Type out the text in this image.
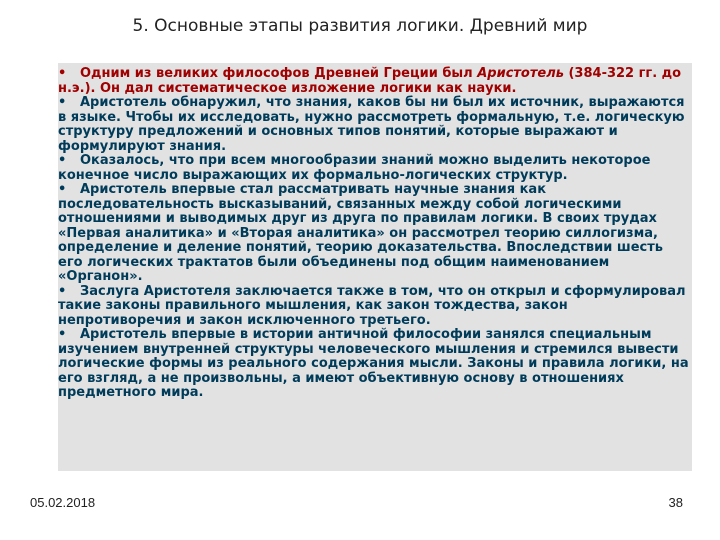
5. Основные этапы развития логики. Древний мир

• Одним из великих философов Древней Греции был Аристотель (384-322 гг. до н.э.). Он дал систематическое изложение логики как науки.

• Аристотель обнаружил, что знания, каков бы ни был их источник, выражаются в языке. Чтобы их исследовать, нужно рассмотреть формальную, т.е. логическую структуру предложений и основных типов понятий, которые выражают и формулируют знания.

• Оказалось, что при всем многообразии знаний можно выделить некоторое конечное число выражающих их формально-логических структур.

• Аристотель впервые стал рассматривать научные знания как последовательность высказываний, связанных между собой логическими отношениями и выводимых друг из друга по правилам логики. В своих трудах «Первая аналитика» и «Вторая аналитика» он рассмотрел теорию силлогизма, определение и деление понятий, теорию доказательства. Впоследствии шесть его логических трактатов были объединены под общим наименованием «Органон».

• Заслуга Аристотеля заключается также в том, что он открыл и сформулировал такие законы правильного мышления, как закон тождества, закон непротиворечия и закон исключенного третьего.

• Аристотель впервые в истории античной философии занялся специальным изучением внутренней структуры человеческого мышления и стремился вывести логические формы из реального содержания мысли. Законы и правила логики, на его взгляд, а не произвольны, а имеют объективную основу в отношениях предметного мира.

05.02.2018	38
